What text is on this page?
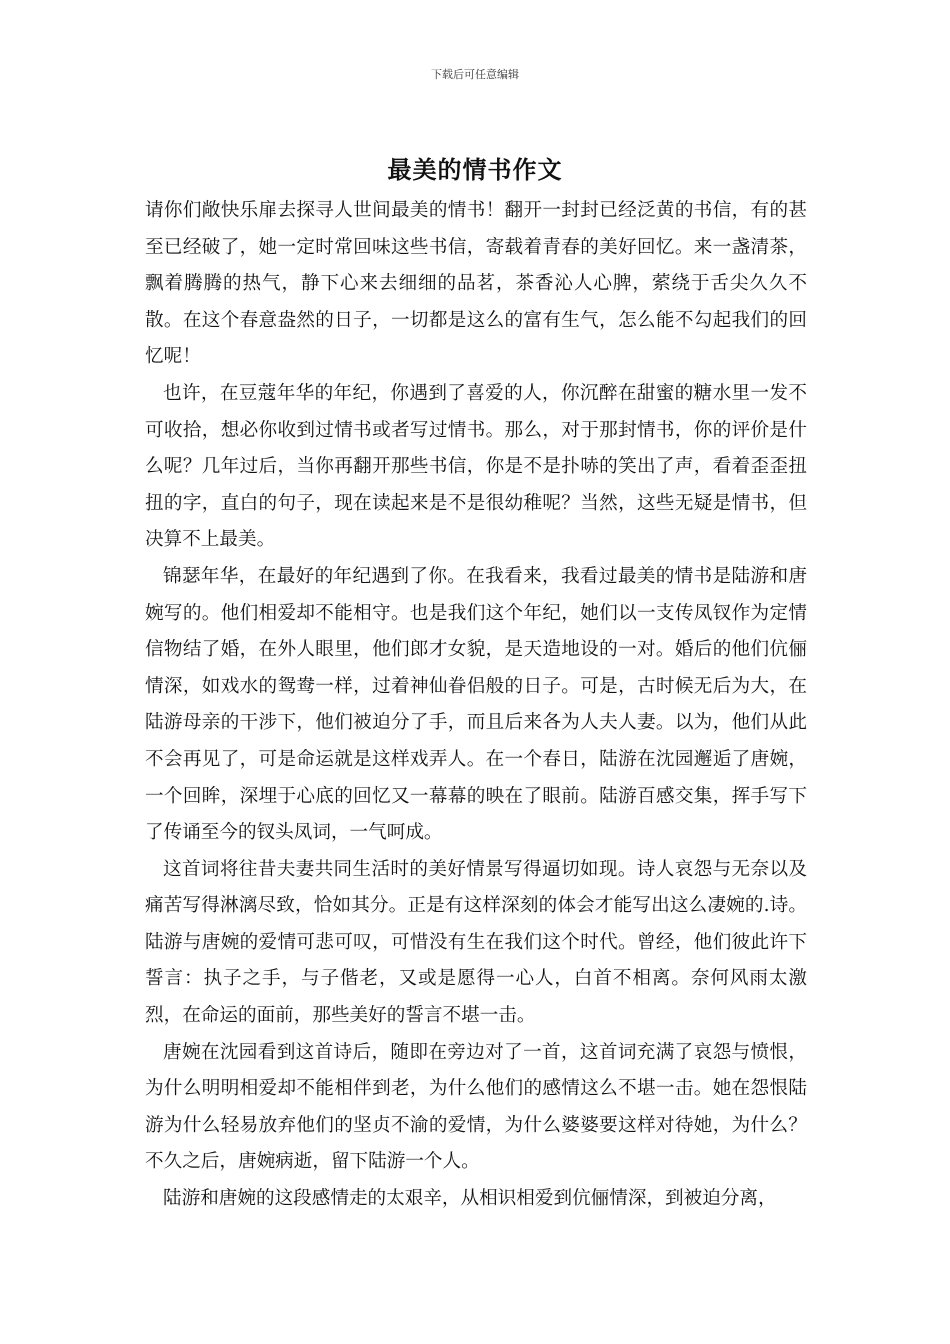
下载后可任意编辑
最美的情书作文

请你们敞快乐扉去探寻人世间最美的情书！翻开一封封已经泛黄的书信，有的甚至已经破了，她一定时常回味这些书信，寄载着青春的美好回忆。来一盏清茶，飘着腾腾的热气，静下心来去细细的品茗，茶香沁人心脾，萦绕于舌尖久久不散。在这个春意盎然的日子，一切都是这么的富有生气，怎么能不勾起我们的回忆呢！

也许，在豆蔻年华的年纪，你遇到了喜爱的人，你沉醉在甜蜜的糖水里一发不可收拾，想必你收到过情书或者写过情书。那么，对于那封情书，你的评价是什么呢？几年过后，当你再翻开那些书信，你是不是扑哧的笑出了声，看着歪歪扭扭的字，直白的句子，现在读起来是不是很幼稚呢？当然，这些无疑是情书，但决算不上最美。

锦瑟年华，在最好的年纪遇到了你。在我看来，我看过最美的情书是陆游和唐婉写的。他们相爱却不能相守。也是我们这个年纪，她们以一支传凤钗作为定情信物结了婚，在外人眼里，他们郎才女貌，是天造地设的一对。婚后的他们伉俪情深，如戏水的鸳鸯一样，过着神仙眷侣般的日子。可是，古时候无后为大，在陆游母亲的干涉下，他们被迫分了手，而且后来各为人夫人妻。以为，他们从此不会再见了，可是命运就是这样戏弄人。在一个春日，陆游在沈园邂逅了唐婉，一个回眸，深埋于心底的回忆又一幕幕的映在了眼前。陆游百感交集，挥手写下了传诵至今的钗头凤词，一气呵成。

这首词将往昔夫妻共同生活时的美好情景写得逼切如现。诗人哀怨与无奈以及痛苦写得淋漓尽致，恰如其分。正是有这样深刻的体会才能写出这么凄婉的.诗。陆游与唐婉的爱情可悲可叹，可惜没有生在我们这个时代。曾经，他们彼此许下誓言：执子之手，与子偕老，又或是愿得一心人，白首不相离。奈何风雨太激烈，在命运的面前，那些美好的誓言不堪一击。

唐婉在沈园看到这首诗后，随即在旁边对了一首，这首词充满了哀怨与愤恨，为什么明明相爱却不能相伴到老，为什么他们的感情这么不堪一击。她在怨恨陆游为什么轻易放弃他们的坚贞不渝的爱情，为什么婆婆要这样对待她，为什么？不久之后，唐婉病逝，留下陆游一个人。

陆游和唐婉的这段感情走的太艰辛，从相识相爱到伉俪情深，到被迫分离，
